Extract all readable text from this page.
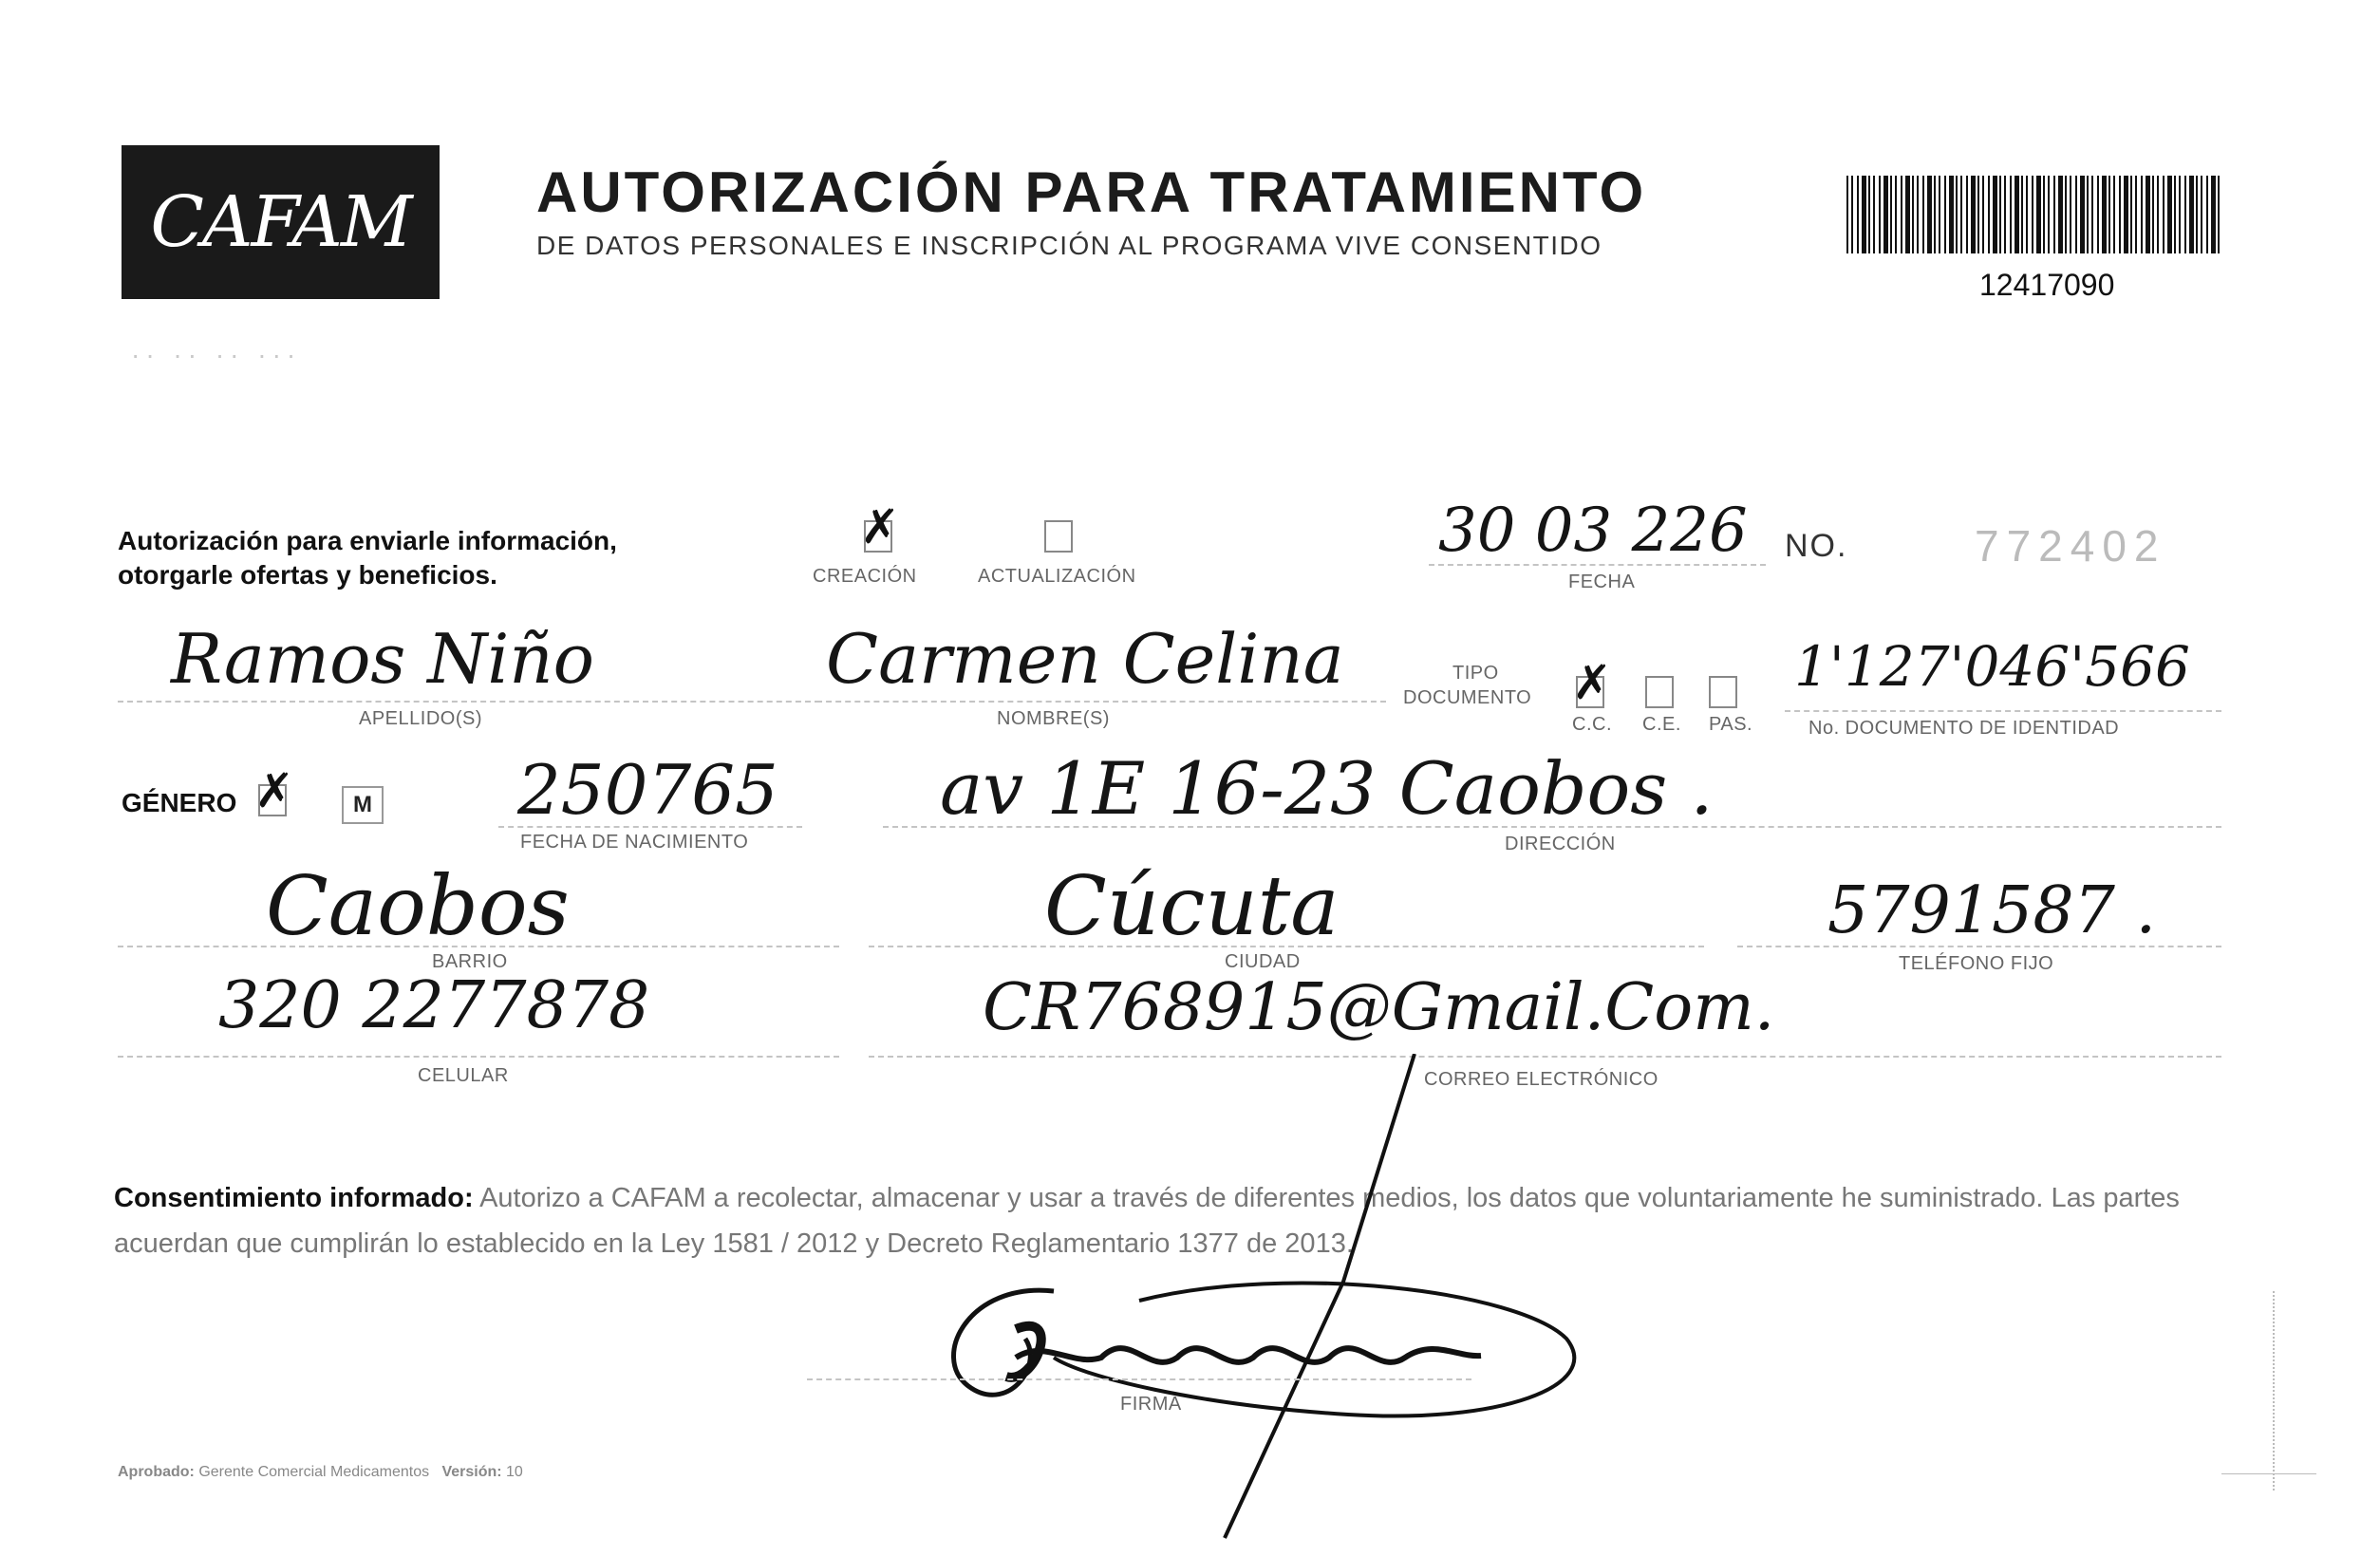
CAFAM	AUTORIZACIÓN PARA TRATAMIENTO
DE DATOS PERSONALES E INSCRIPCIÓN AL PROGRAMA VIVE CONSENTIDO
12417090
·· ·· ·· ···
Autorización para enviarle información,
otorgarle ofertas y beneficios.
✗	CREACIÓN	ACTUALIZACIÓN
30 03 226
FECHA
NO.	772402
Ramos Niño
APELLIDO(S)
Carmen Celina
NOMBRE(S)
TIPO
DOCUMENTO
✗
C.C. C.E. PAS.
1'127'046'566
No. DOCUMENTO DE IDENTIDAD
GÉNERO
✗	M 250765
FECHA DE NACIMIENTO
av 1E 16-23 Caobos .
DIRECCIÓN
Caobos
BARRIO
Cúcuta
CIUDAD
5791587 .
TELÉFONO FIJO
320 2277878
CELULAR
CR768915@Gmail.Com.
CORREO ELECTRÓNICO
Consentimiento informado: Autorizo a CAFAM a recolectar, almacenar y usar a través de diferentes medios, los datos que voluntariamente he suministrado. Las partes acuerdan que cumplirán lo establecido en la Ley 1581 / 2012 y Decreto Reglamentario 1377 de 2013.
FIRMA
Aprobado: Gerente Comercial Medicamentos Versión: 10
